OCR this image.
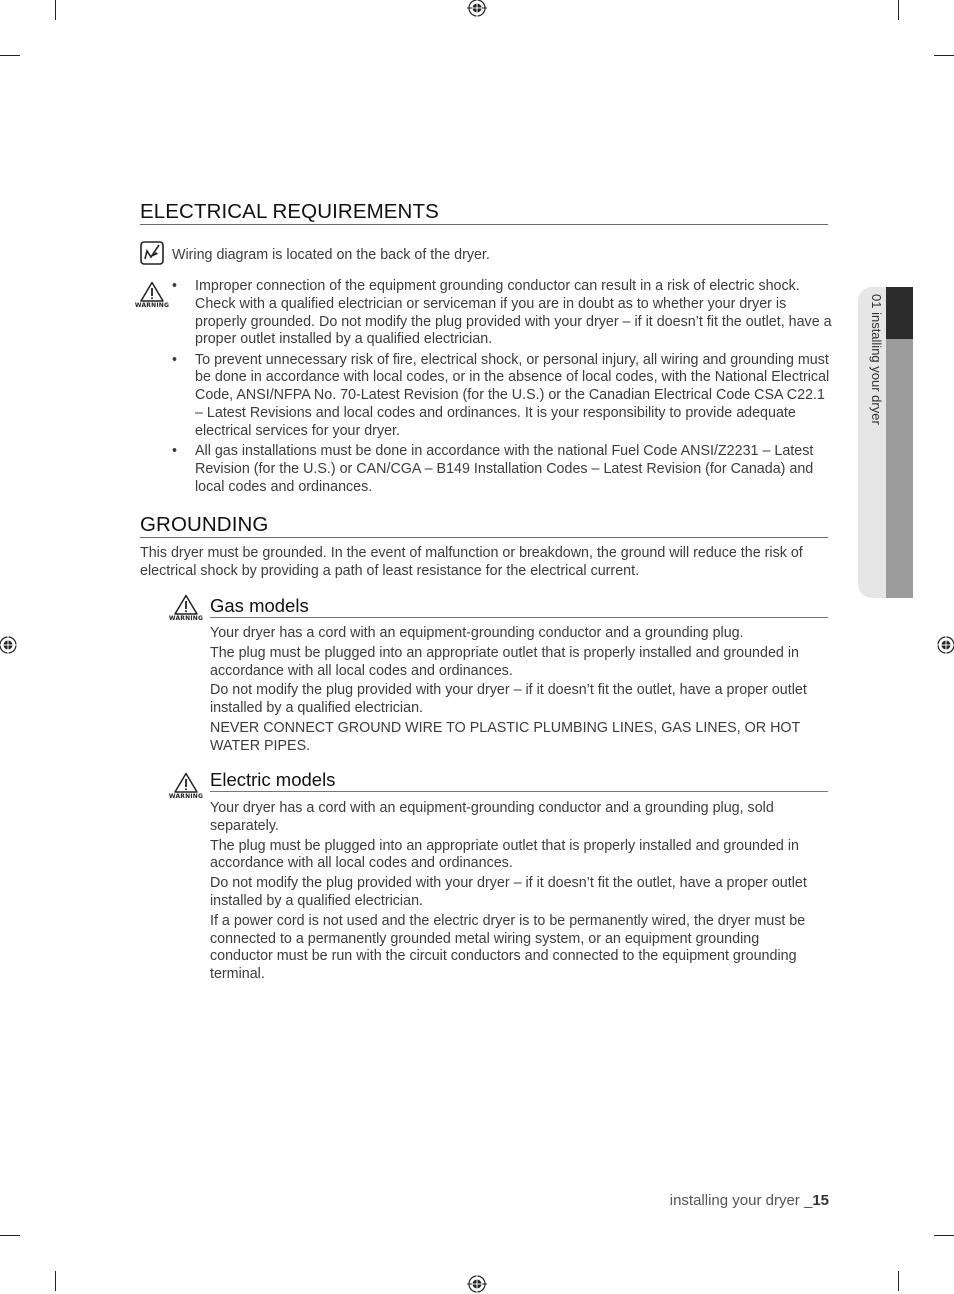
ELECTRICAL REQUIREMENTS
Wiring diagram is located on the back of the dryer.
WARNING
• Improper connection of the equipment grounding conductor can result in a risk of electric shock. Check with a qualified electrician or serviceman if you are in doubt as to whether your dryer is properly grounded. Do not modify the plug provided with your dryer – if it doesn’t fit the outlet, have a proper outlet installed by a qualified electrician.
• To prevent unnecessary risk of fire, electrical shock, or personal injury, all wiring and grounding must be done in accordance with local codes, or in the absence of local codes, with the National Electrical Code, ANSI/NFPA No. 70-Latest Revision (for the U.S.) or the Canadian Electrical Code CSA C22.1 – Latest Revisions and local codes and ordinances. It is your responsibility to provide adequate electrical services for your dryer.
• All gas installations must be done in accordance with the national Fuel Code ANSI/Z2231 – Latest Revision (for the U.S.) or CAN/CGA – B149 Installation Codes – Latest Revision (for Canada) and local codes and ordinances.
GROUNDING
This dryer must be grounded. In the event of malfunction or breakdown, the ground will reduce the risk of electrical shock by providing a path of least resistance for the electrical current.
WARNING
Gas models

Your dryer has a cord with an equipment-grounding conductor and a grounding plug.

The plug must be plugged into an appropriate outlet that is properly installed and grounded in accordance with all local codes and ordinances.

Do not modify the plug provided with your dryer – if it doesn’t fit the outlet, have a proper outlet installed by a qualified electrician.

NEVER CONNECT GROUND WIRE TO PLASTIC PLUMBING LINES, GAS LINES, OR HOT WATER PIPES.

WARNING
Electric models

Your dryer has a cord with an equipment-grounding conductor and a grounding plug, sold separately.

The plug must be plugged into an appropriate outlet that is properly installed and grounded in accordance with all local codes and ordinances.

Do not modify the plug provided with your dryer – if it doesn’t fit the outlet, have a proper outlet installed by a qualified electrician.

If a power cord is not used and the electric dryer is to be permanently wired, the dryer must be connected to a permanently grounded metal wiring system, or an equipment grounding conductor must be run with the circuit conductors and connected to the equipment grounding terminal.

01 installing your dryer
installing your dryer _15
